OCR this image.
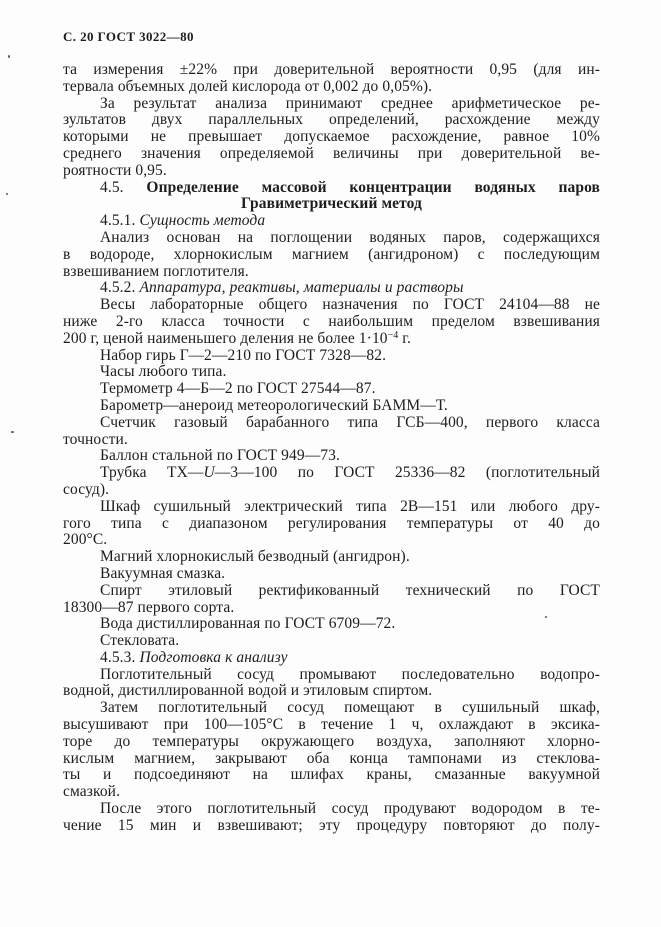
С. 20 ГОСТ 3022—80
та измерения ±22% при доверительной вероятности 0,95 (для ин-
тервала объемных долей кислорода от 0,002 до 0,05%).
За результат анализа принимают среднее арифметическое ре-
зультатов двух параллельных определений, расхождение между
которыми не превышает допускаемое расхождение, равное 10%
среднего значения определяемой величины при доверительной ве-
роятности 0,95.
4.5. Определение массовой концентрации водяных паров
Гравиметрический метод
4.5.1. Сущность метода
Анализ основан на поглощении водяных паров, содержащихся
в водороде, хлорнокислым магнием (ангидроном) с последующим
взвешиванием поглотителя.
4.5.2. Аппаратура, реактивы, материалы и растворы
Весы лабораторные общего назначения по ГОСТ 24104—88 не
ниже 2-го класса точности с наибольшим пределом взвешивания
200 г, ценой наименьшего деления не более $1\cdot 10^{-4}$ г.
Набор гирь Г—2—210 по ГОСТ 7328—82.
Часы любого типа.
Термометр 4—Б—2 по ГОСТ 27544—87.
Барометр—анероид метеорологический БАММ—Т.
Счетчик газовый барабанного типа ГСБ—400, первого класса
точности.
Баллон стальной по ГОСТ 949—73.
Трубка ТХ—U—3—100 по ГОСТ 25336—82 (поглотительный
сосуд).
Шкаф сушильный электрический типа 2В—151 или любого дру-
гого типа с диапазоном регулирования температуры от 40 до
200°С.
Магний хлорнокислый безводный (ангидрон).
Вакуумная смазка.
Спирт этиловый ректификованный технический по ГОСТ
18300—87 первого сорта.
Вода дистиллированная по ГОСТ 6709—72.
Стекловата.
4.5.3. Подготовка к анализу
Поглотительный сосуд промывают последовательно водопро-
водной, дистиллированной водой и этиловым спиртом.
Затем поглотительный сосуд помещают в сушильный шкаф,
высушивают при 100—105°С в течение 1 ч, охлаждают в эксика-
торе до температуры окружающего воздуха, заполняют хлорно-
кислым магнием, закрывают оба конца тампонами из стеклова-
ты и подсоединяют на шлифах краны, смазанные вакуумной
смазкой.
После этого поглотительный сосуд продувают водородом в те-
чение 15 мин и взвешивают; эту процедуру повторяют до полу-
